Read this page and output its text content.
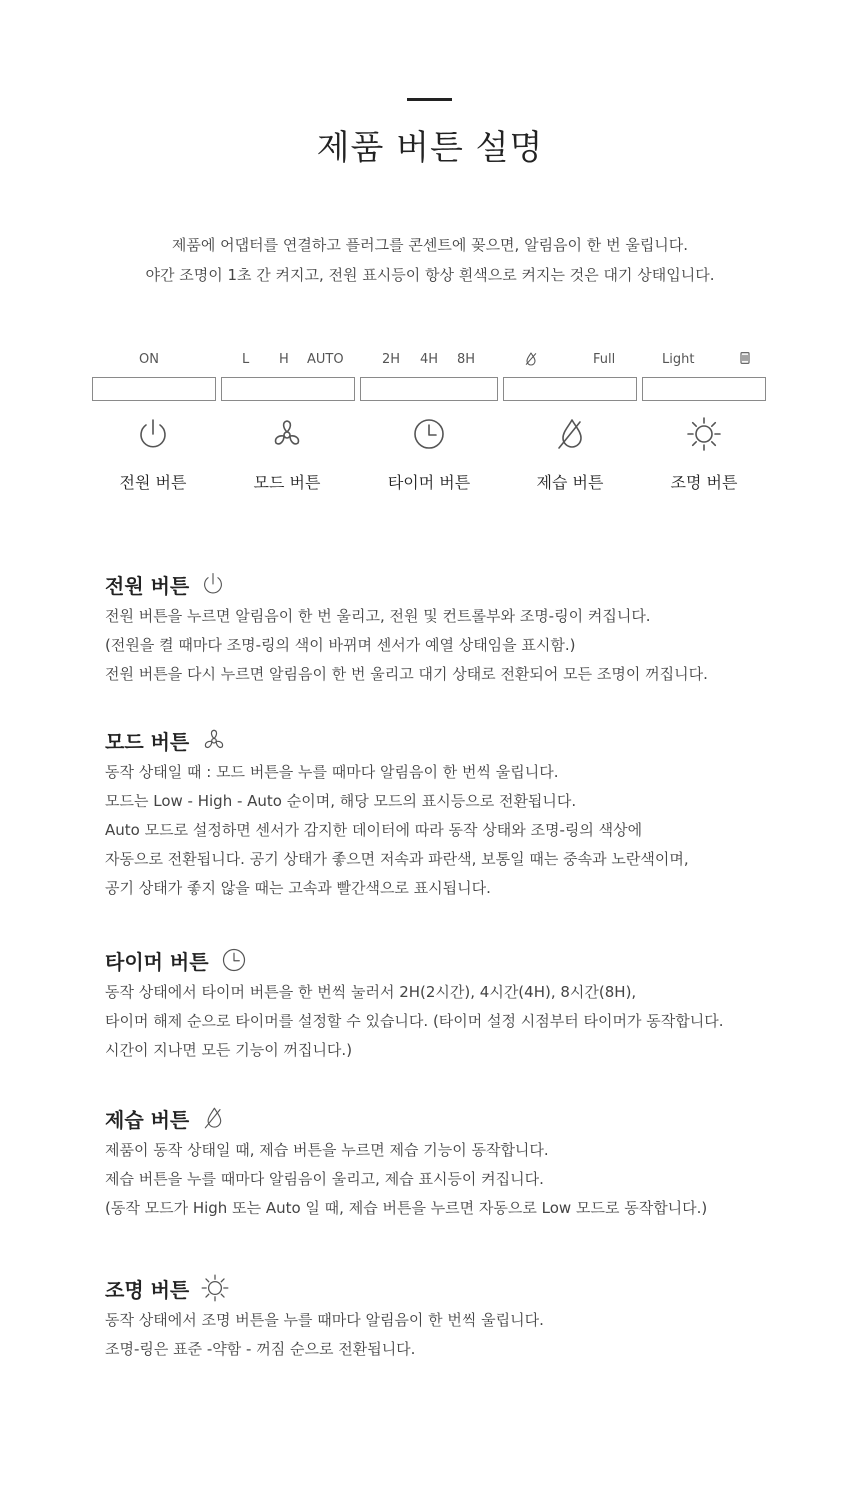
제품 버튼 설명
제품에 어댑터를 연결하고 플러그를 콘센트에 꽂으면, 알림음이 한 번 울립니다.
야간 조명이 1초 간 켜지고, 전원 표시등이 항상 흰색으로 켜지는 것은 대기 상태입니다.
ON	L H AUTO	2H 4H 8H	Full	Light
전원 버튼	모드 버튼	타이머 버튼	제습 버튼	조명 버튼
전원 버튼
전원 버튼을 누르면 알림음이 한 번 울리고, 전원 및 컨트롤부와 조명-링이 켜집니다.
(전원을 켤 때마다 조명-링의 색이 바뀌며 센서가 예열 상태임을 표시함.)
전원 버튼을 다시 누르면 알림음이 한 번 울리고 대기 상태로 전환되어 모든 조명이 꺼집니다.
모드 버튼
동작 상태일 때 : 모드 버튼을 누를 때마다 알림음이 한 번씩 울립니다.
모드는 Low - High - Auto 순이며, 해당 모드의 표시등으로 전환됩니다.
Auto 모드로 설정하면 센서가 감지한 데이터에 따라 동작 상태와 조명-링의 색상에
자동으로 전환됩니다. 공기 상태가 좋으면 저속과 파란색, 보통일 때는 중속과 노란색이며,
공기 상태가 좋지 않을 때는 고속과 빨간색으로 표시됩니다.
타이머 버튼
동작 상태에서 타이머 버튼을 한 번씩 눌러서 2H(2시간), 4시간(4H), 8시간(8H),
타이머 해제 순으로 타이머를 설정할 수 있습니다. (타이머 설정 시점부터 타이머가 동작합니다.
시간이 지나면 모든 기능이 꺼집니다.)
제습 버튼
제품이 동작 상태일 때, 제습 버튼을 누르면 제습 기능이 동작합니다.
제습 버튼을 누를 때마다 알림음이 울리고, 제습 표시등이 켜집니다.
(동작 모드가 High 또는 Auto 일 때, 제습 버튼을 누르면 자동으로 Low 모드로 동작합니다.)
조명 버튼
동작 상태에서 조명 버튼을 누를 때마다 알림음이 한 번씩 울립니다.
조명-링은 표준 -약함 - 꺼짐 순으로 전환됩니다.
